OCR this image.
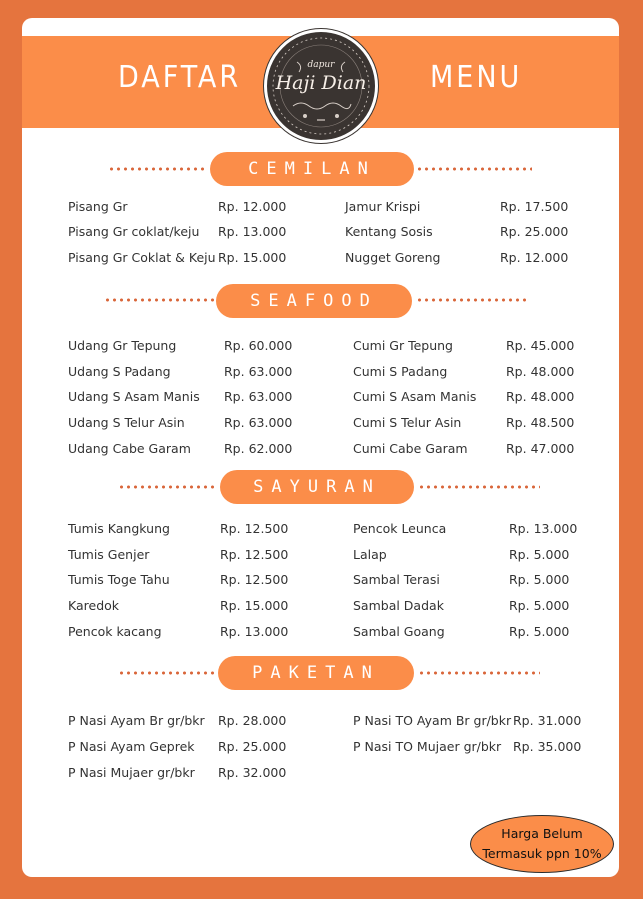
DAFTAR	MENU
dapur
Haji Dian
CEMILAN
Pisang Gr	Rp. 12.000
Pisang Gr coklat/keju Rp. 13.000
Pisang Gr Coklat & Keju Rp. 15.000
Jamur Krispi	Rp. 17.500
Kentang Sosis	Rp. 25.000
Nugget Goreng	Rp. 12.000
SEAFOOD
Udang Gr Tepung	Rp. 60.000
Udang S Padang	Rp. 63.000
Udang S Asam Manis Rp. 63.000
Udang S Telur Asin	Rp. 63.000
Udang Cabe Garam	Rp. 62.000
Cumi Gr Tepung	Rp. 45.000
Cumi S Padang	Rp. 48.000
Cumi S Asam Manis Rp. 48.000
Cumi S Telur Asin	Rp. 48.500
Cumi Cabe Garam	Rp. 47.000
SAYURAN
Tumis Kangkung	Rp. 12.500
Tumis Genjer	Rp. 12.500
Tumis Toge Tahu	Rp. 12.500
Karedok	Rp. 15.000
Pencok kacang	Rp. 13.000
Pencok Leunca	Rp. 13.000
Lalap	Rp. 5.000
Sambal Terasi	Rp. 5.000
Sambal Dadak	Rp. 5.000
Sambal Goang	Rp. 5.000
PAKETAN
P Nasi Ayam Br gr/bkr Rp. 28.000
P Nasi Ayam Geprek Rp. 25.000
P Nasi Mujaer gr/bkr Rp. 32.000
P Nasi TO Ayam Br gr/bkr Rp. 31.000
P Nasi TO Mujaer gr/bkr Rp. 35.000
Harga Belum
Termasuk ppn 10%
